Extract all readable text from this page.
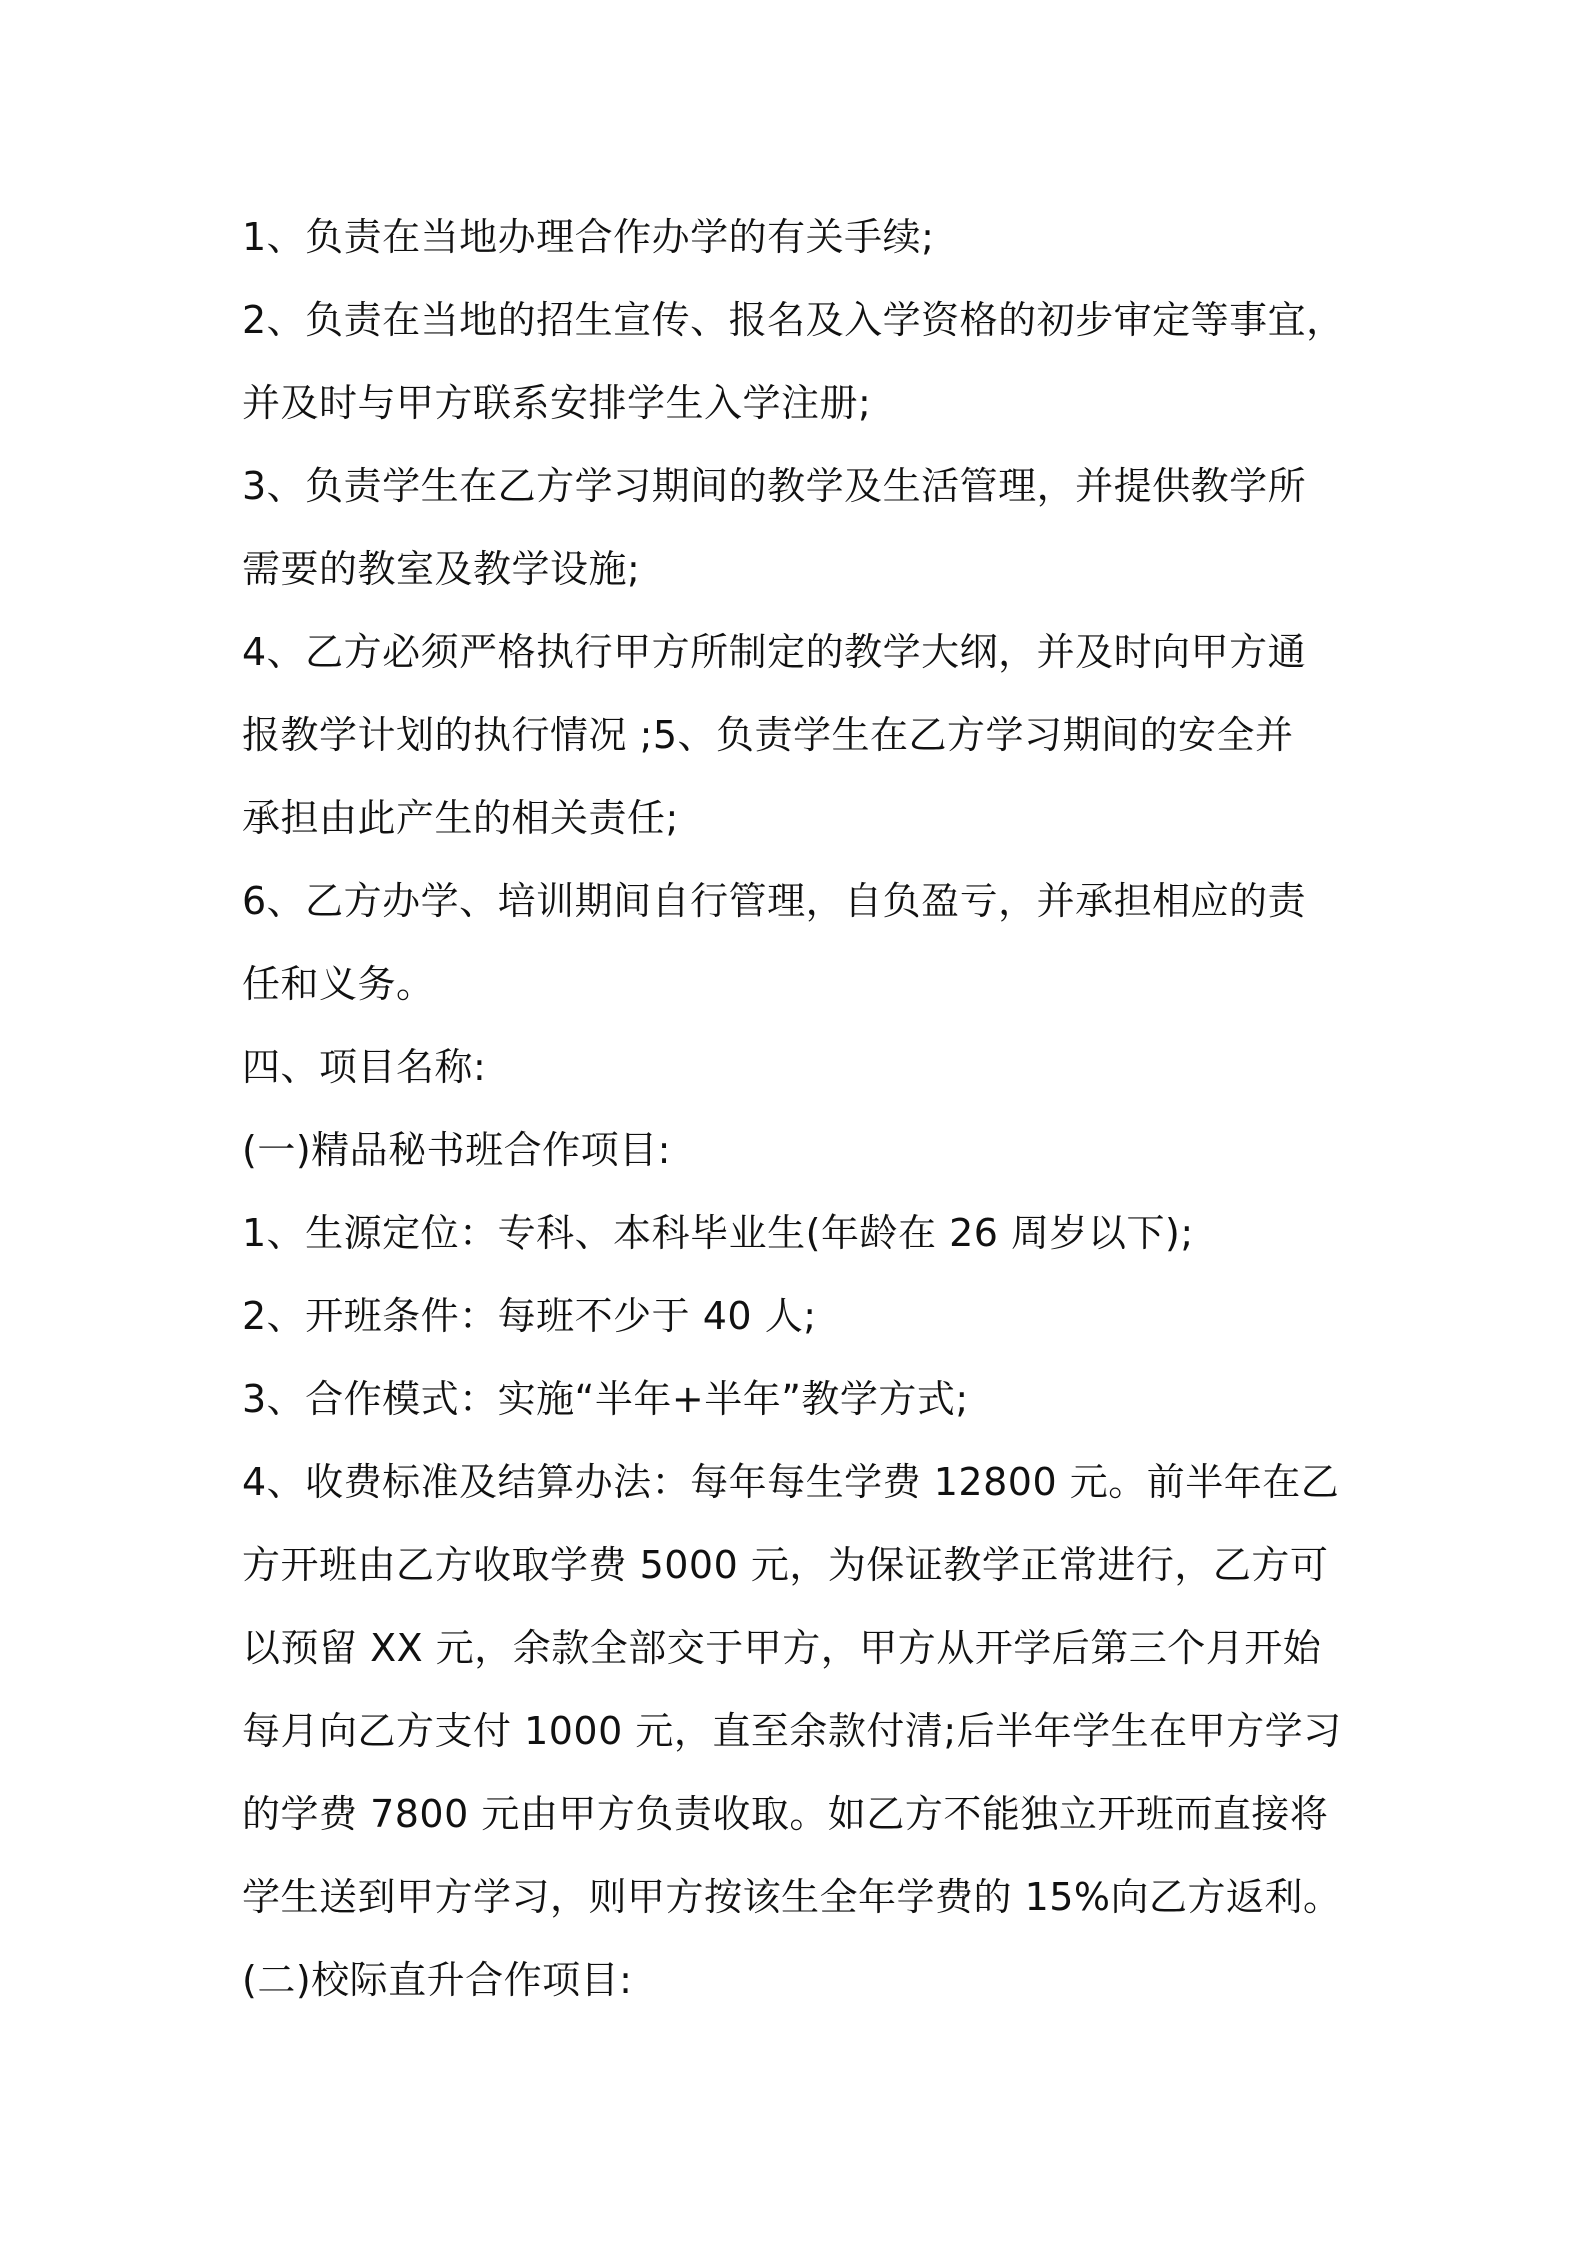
1、负责在当地办理合作办学的有关手续;
2、负责在当地的招生宣传、报名及入学资格的初步审定等事宜，
并及时与甲方联系安排学生入学注册;
3、负责学生在乙方学习期间的教学及生活管理，并提供教学所
需要的教室及教学设施;
4、乙方必须严格执行甲方所制定的教学大纲，并及时向甲方通
报教学计划的执行情况 ;5、负责学生在乙方学习期间的安全并
承担由此产生的相关责任;
6、乙方办学、培训期间自行管理，自负盈亏，并承担相应的责
任和义务。
四、项目名称:
(一)精品秘书班合作项目:
1、生源定位：专科、本科毕业生(年龄在 26 周岁以下);
2、开班条件：每班不少于 40 人;
3、合作模式：实施“半年+半年”教学方式;
4、收费标准及结算办法：每年每生学费 12800 元。前半年在乙
方开班由乙方收取学费 5000 元，为保证教学正常进行，乙方可
以预留 XX 元，余款全部交于甲方，甲方从开学后第三个月开始
每月向乙方支付 1000 元，直至余款付清;后半年学生在甲方学习
的学费 7800 元由甲方负责收取。如乙方不能独立开班而直接将
学生送到甲方学习，则甲方按该生全年学费的 15%向乙方返利。
(二)校际直升合作项目:
